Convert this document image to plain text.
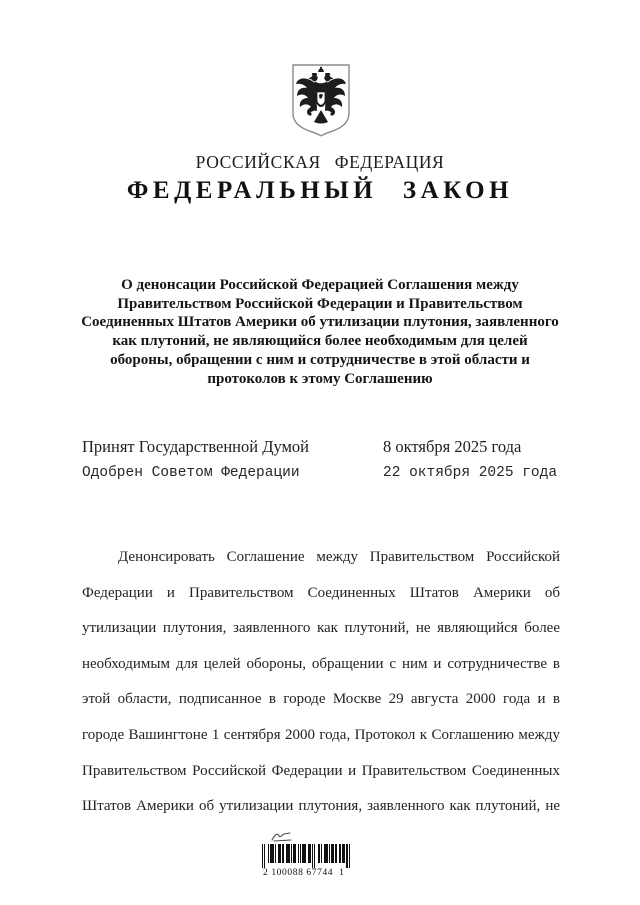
РОССИЙСКАЯ ФЕДЕРАЦИЯ
ФЕДЕРАЛЬНЫЙ ЗАКОН
О денонсации Российской Федерацией Соглашения между
Правительством Российской Федерации и Правительством
Соединенных Штатов Америки об утилизации плутония, заявленного
как плутоний, не являющийся более необходимым для целей
обороны, обращении с ним и сотрудничестве в этой области и
протоколов к этому Соглашению
Принят Государственной Думой	8 октября 2025 года
Одобрен Советом Федерации	22 октября 2025 года
Денонсировать Соглашение между Правительством Российской
Федерации и Правительством Соединенных Штатов Америки об
утилизации плутония, заявленного как плутоний, не являющийся более
необходимым для целей обороны, обращении с ним и сотрудничестве в
этой области, подписанное в городе Москве 29 августа 2000 года и в
городе Вашингтоне 1 сентября 2000 года, Протокол к Соглашению между
Правительством Российской Федерации и Правительством Соединенных
Штатов Америки об утилизации плутония, заявленного как плутоний, не
2 100088 67744  1
